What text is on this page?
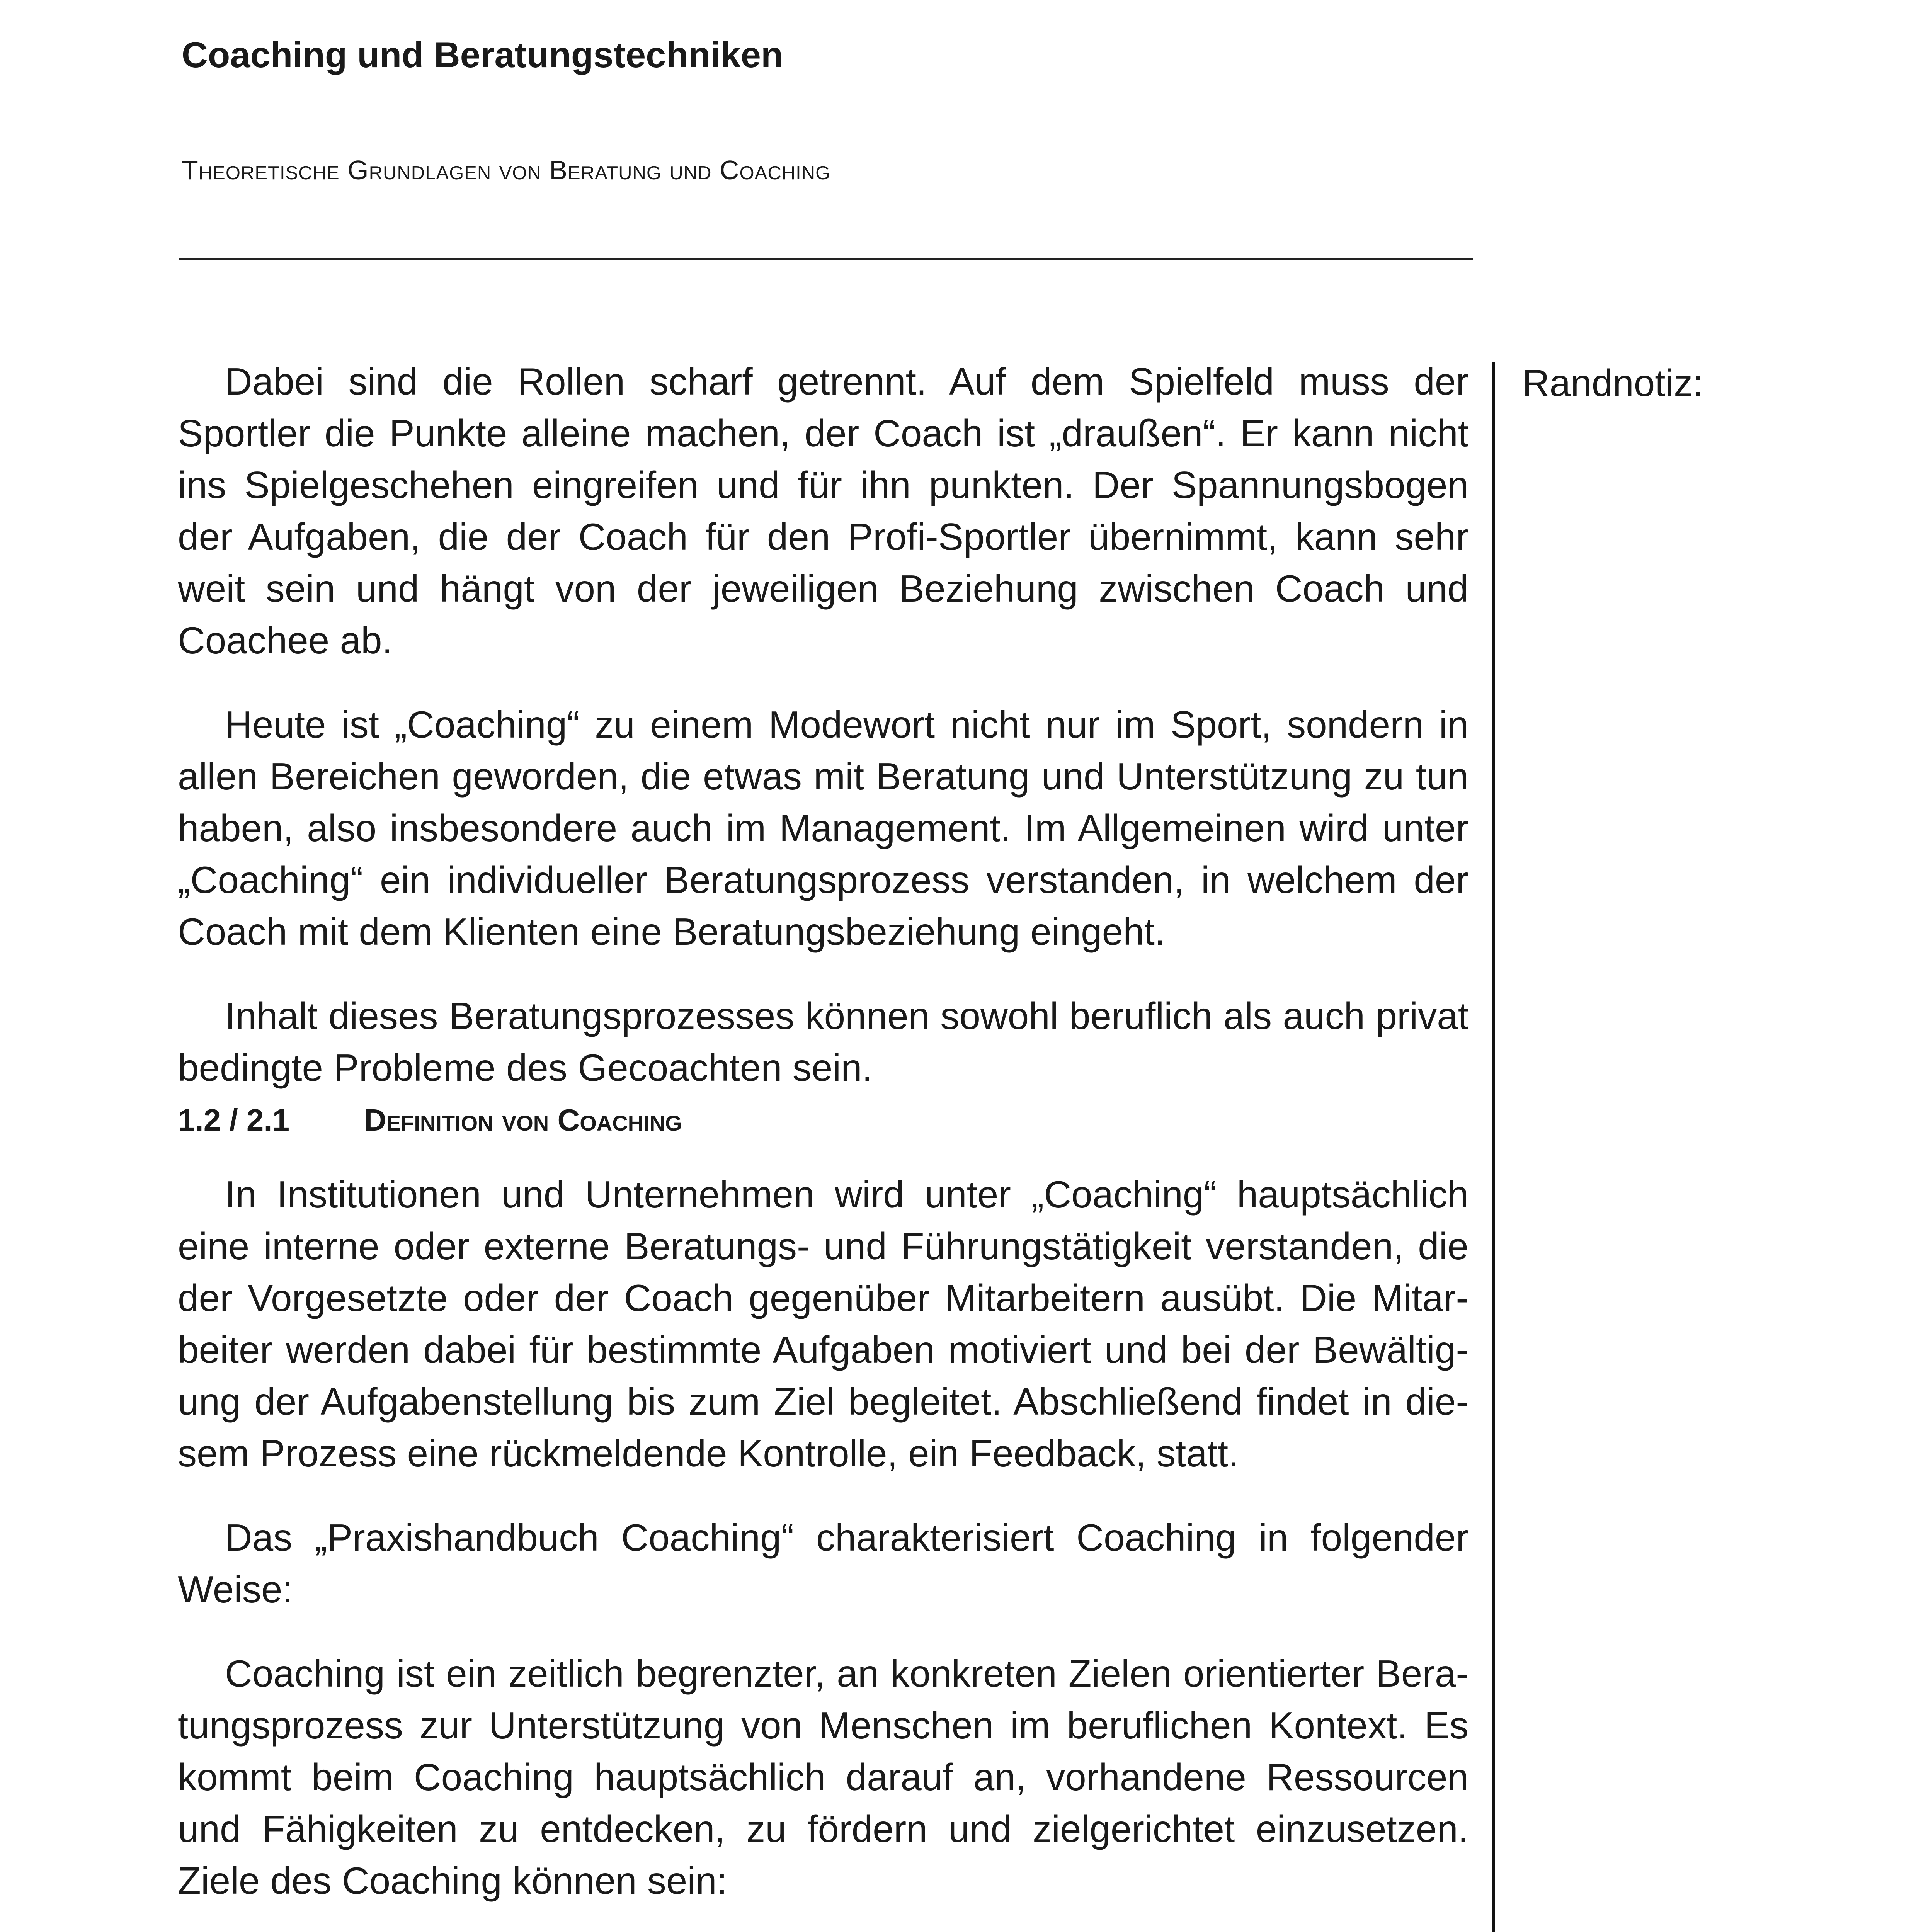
Coaching und Beratungstechniken
Theoretische Grundlagen von Beratung und Coaching
Randnotiz:

Dabei sind die Rollen scharf getrennt. Auf dem Spielfeld muss der Sportler die Punkte alleine machen, der Coach ist „draußen“. Er kann nicht ins Spielgeschehen eingreifen und für ihn punkten. Der Spannungsbogen der Aufgaben, die der Coach für den Profi-Sportler übernimmt, kann sehr weit sein und hängt von der jeweiligen Beziehung zwischen Coach und Coachee ab.

Heute ist „Coaching“ zu einem Modewort nicht nur im Sport, sondern in allen Bereichen geworden, die etwas mit Beratung und Unterstützung zu tun haben, also insbesondere auch im Management. Im Allgemeinen wird unter „Coaching“ ein individueller Beratungsprozess verstanden, in welchem der Coach mit dem Klienten eine Beratungsbeziehung eingeht.

Inhalt dieses Beratungsprozesses können sowohl beruflich als auch privat bedingte Probleme des Gecoachten sein.

1.2 / 2.1 Definition von Coaching

In Institutionen und Unternehmen wird unter „Coaching“ hauptsächlich eine interne oder externe Beratungs- und Führungstätigkeit verstanden, die der Vorgesetzte oder der Coach gegenüber Mitarbeitern ausübt. Die Mitarbeiter werden dabei für bestimmte Aufgaben motiviert und bei der Bewältigung der Aufgabenstellung bis zum Ziel begleitet. Abschließend findet in diesem Prozess eine rückmeldende Kontrolle, ein Feedback, statt.

Das „Praxishandbuch Coaching“ charakterisiert Coaching in folgender Weise:

Coaching ist ein zeitlich begrenzter, an konkreten Zielen orientierter Beratungsprozess zur Unterstützung von Menschen im beruflichen Kontext. Es kommt beim Coaching hauptsächlich darauf an, vorhandene Ressourcen und Fähigkeiten zu entdecken, zu fördern und zielgerichtet einzusetzen. Ziele des Coaching können sein:
